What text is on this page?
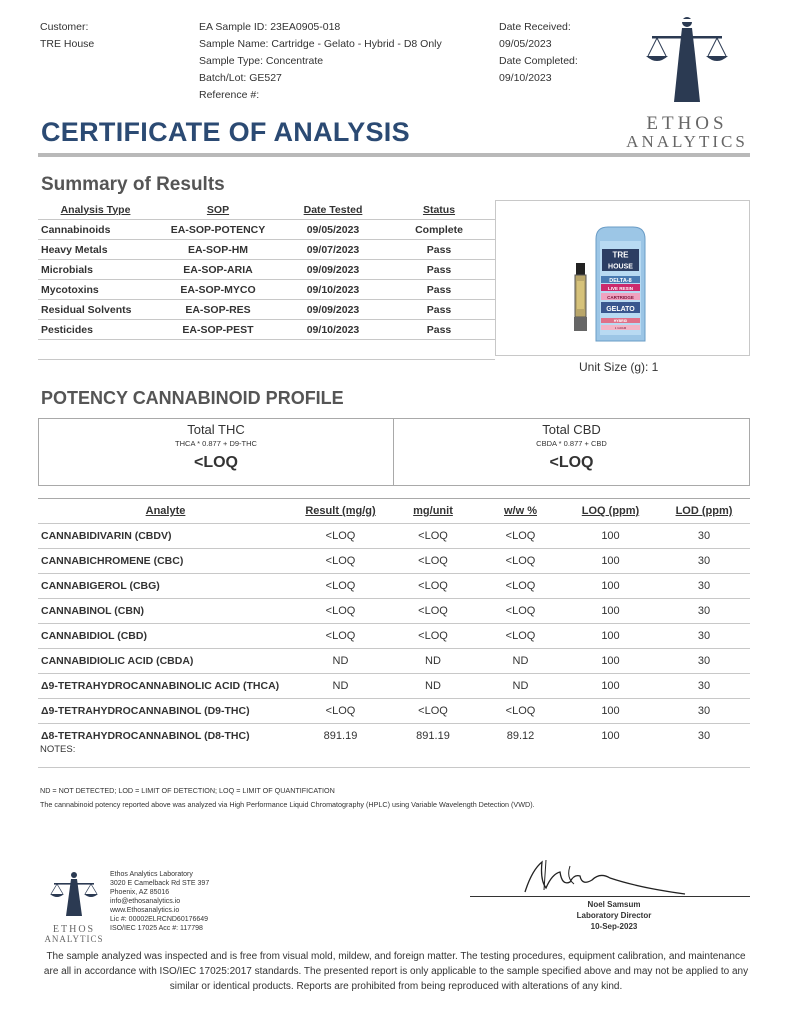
Customer:
TRE House
EA Sample ID: 23EA0905-018
Sample Name: Cartridge - Gelato - Hybrid - D8 Only
Sample Type: Concentrate
Batch/Lot: GE527
Reference #:
Date Received:
09/05/2023
Date Completed:
09/10/2023
ETHOS
ANALYTICS
CERTIFICATE OF ANALYSIS
Summary of Results
Analysis Type	SOP	Date Tested	Status
Cannabinoids	EA-SOP-POTENCY	09/05/2023	Complete
Heavy Metals	EA-SOP-HM	09/07/2023	Pass
Microbials	EA-SOP-ARIA	09/09/2023	Pass
Mycotoxins	EA-SOP-MYCO	09/10/2023	Pass
Residual Solvents	EA-SOP-RES	09/09/2023	Pass
Pesticides	EA-SOP-PEST	09/10/2023	Pass

TRE
HOUSE
DELTA-8
LIVE RESIN
CARTRIDGE
GELATO
HYBRID
1 GRAM
Unit Size (g): 1
POTENCY CANNABINOID PROFILE
Total THC
THCA * 0.877 + D9-THC
<LOQ
Total CBD
CBDA * 0.877 + CBD
<LOQ
Analyte	Result (mg/g)	mg/unit	w/w %	LOQ (ppm)	LOD (ppm)
CANNABIDIVARIN (CBDV)	<LOQ	<LOQ	<LOQ	100	30
CANNABICHROMENE (CBC)	<LOQ	<LOQ	<LOQ	100	30
CANNABIGEROL (CBG)	<LOQ	<LOQ	<LOQ	100	30
CANNABINOL (CBN)	<LOQ	<LOQ	<LOQ	100	30
CANNABIDIOL (CBD)	<LOQ	<LOQ	<LOQ	100	30
CANNABIDIOLIC ACID (CBDA)	ND	ND	ND	100	30
Δ9-TETRAHYDROCANNABINOLIC ACID (THCA)	ND	ND	ND	100	30
Δ9-TETRAHYDROCANNABINOL (D9-THC)	<LOQ	<LOQ	<LOQ	100	30
Δ8-TETRAHYDROCANNABINOL (D8-THC)	891.19	891.19	89.12	100	30
NOTES:
ND = NOT DETECTED; LOD = LIMIT OF DETECTION; LOQ = LIMIT OF QUANTIFICATION
The cannabinoid potency reported above was analyzed via High Performance Liquid Chromatography (HPLC) using Variable Wavelength Detection (VWD).
ETHOS
ANALYTICS
Ethos Analytics Laboratory
3020 E Camelback Rd STE 397
Phoenix, AZ 85016
info@ethosanalytics.io
www.Ethosanalytics.io
Lic #: 00002ELRCND60176649
ISO/IEC 17025 Acc #: 117798
Noel Samsum
Laboratory Director
10-Sep-2023
The sample analyzed was inspected and is free from visual mold, mildew, and foreign matter. The testing procedures, equipment calibration, and maintenance are all in accordance with ISO/IEC 17025:2017 standards. The presented report is only applicable to the sample specified above and may not be applied to any similar or identical products. Reports are prohibited from being reproduced with alterations of any kind.
